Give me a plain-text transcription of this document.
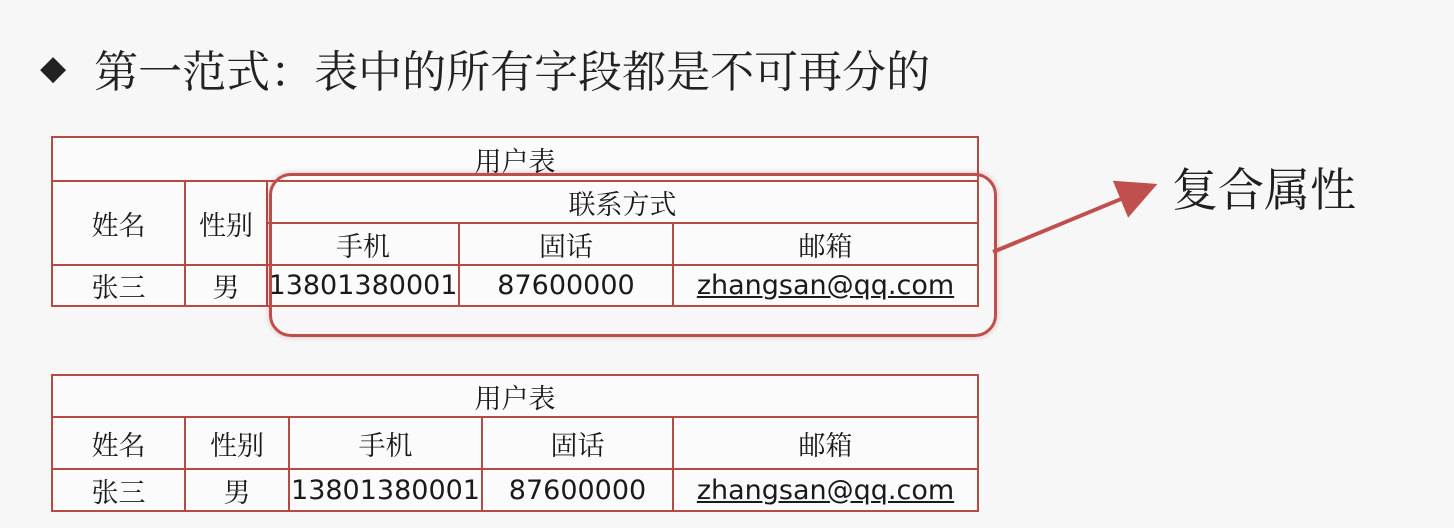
◆ 第一范式：表中的所有字段都是不可再分的
用户表				
姓名	性别	联系方式		
		手机	固话	邮箱
张三	男	13801380001	87600000	zhangsan@qq.com
复合属性
用户表				
姓名	性别	手机	固话	邮箱
张三	男	13801380001	87600000	zhangsan@qq.com
